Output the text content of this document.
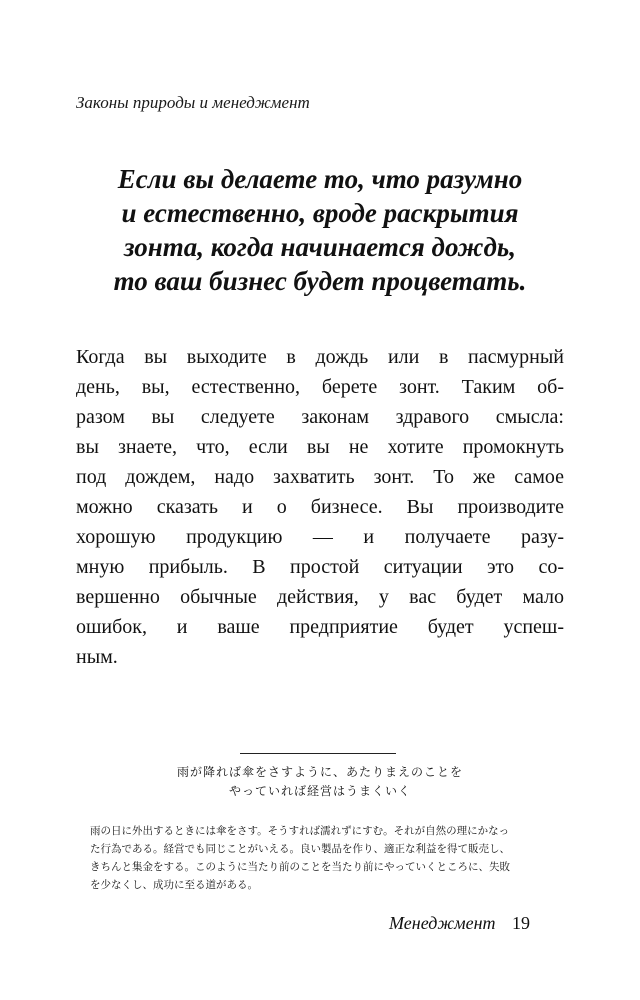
Законы природы и менеджмент
Если вы делаете то, что разумно
и естественно, вроде раскрытия
зонта, когда начинается дождь,
то ваш бизнес будет процветать.
Когда вы выходите в дождь или в пасмурный
день, вы, естественно, берете зонт. Таким об-
разом вы следуете законам здравого смысла:
вы знаете, что, если вы не хотите промокнуть
под дождем, надо захватить зонт. То же самое
можно сказать и о бизнесе. Вы производите
хорошую продукцию — и получаете разу-
мную прибыль. В простой ситуации это со-
вершенно обычные действия, у вас будет мало
ошибок, и ваше предприятие будет успеш-
ным.
雨が降れば傘をさすように、あたりまえのことを
やっていれば経営はうまくいく
雨の日に外出するときには傘をさす。そうすれば濡れずにすむ。それが自然の理にかなっ
た行為である。経営でも同じことがいえる。良い製品を作り、適正な利益を得て販売し、
きちんと集金をする。このように当たり前のことを当たり前にやっていくところに、失敗
を少なくし、成功に至る道がある。
Менеджмент 19
